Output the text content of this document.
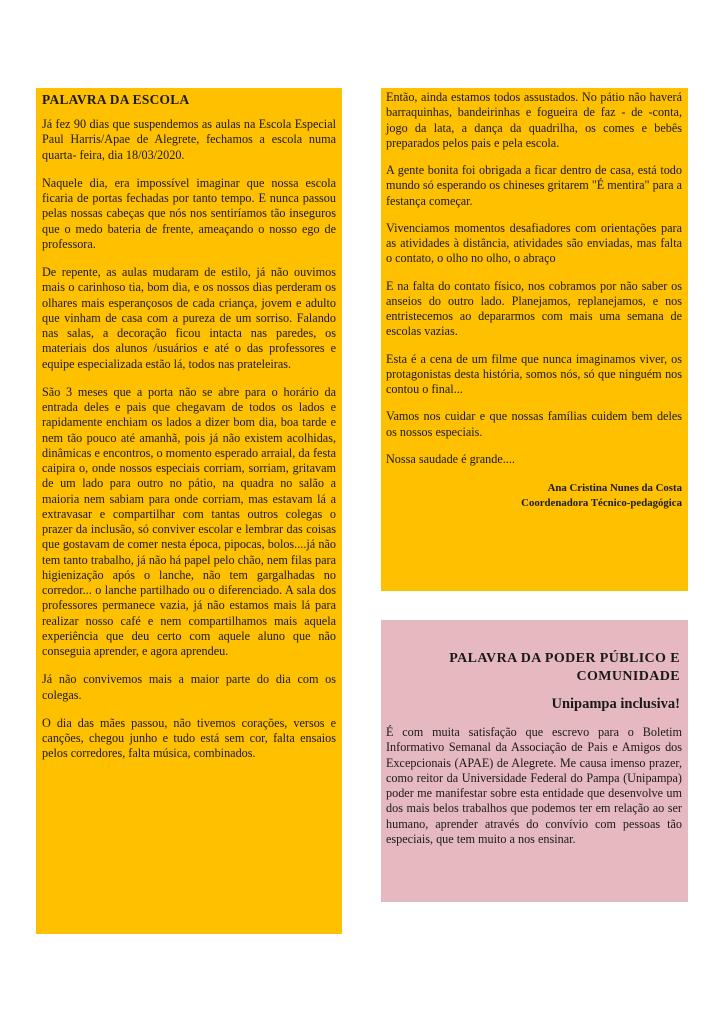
PALAVRA DA ESCOLA

Já fez 90 dias que suspendemos as aulas na Escola Especial Paul Harris/Apae de Alegrete, fechamos a escola numa quarta- feira, dia 18/03/2020.

Naquele dia, era impossível imaginar que nossa escola ficaria de portas fechadas por tanto tempo. E nunca passou pelas nossas cabeças que nós nos sentiríamos tão inseguros que o medo bateria de frente, ameaçando o nosso ego de professora.

De repente, as aulas mudaram de estilo, já não ouvimos mais o carinhoso tia, bom dia, e os nossos dias perderam os olhares mais esperançosos de cada criança, jovem e adulto que vinham de casa com a pureza de um sorriso. Falando nas salas, a decoração ficou intacta nas paredes, os materiais dos alunos /usuários e até o das professores e equipe especializada estão lá, todos nas prateleiras.

São 3 meses que a porta não se abre para o horário da entrada deles e pais que chegavam de todos os lados e rapidamente enchiam os lados a dizer bom dia, boa tarde e nem tão pouco até amanhã, pois já não existem acolhidas, dinâmicas e encontros, o momento esperado arraial, da festa caipira o, onde nossos especiais corriam, sorriam, gritavam de um lado para outro no pátio, na quadra no salão a maioria nem sabiam para onde corriam, mas estavam lá a extravasar e compartilhar com tantas outros colegas o prazer da inclusão, só conviver escolar e lembrar das coisas que gostavam de comer nesta época, pipocas, bolos....já não tem tanto trabalho, já não há papel pelo chão, nem filas para higienização após o lanche, não tem gargalhadas no corredor... o lanche partilhado ou o diferenciado. A sala dos professores permanece vazia, já não estamos mais lá para realizar nosso café e nem compartilhamos mais aquela experiência que deu certo com aquele aluno que não conseguia aprender, e agora aprendeu.

Já não convivemos mais a maior parte do dia com os colegas.

O dia das mães passou, não tivemos corações, versos e canções, chegou junho e tudo está sem cor, falta ensaios pelos corredores, falta música, combinados.

Então, ainda estamos todos assustados. No pátio não haverá barraquinhas, bandeirinhas e fogueira de faz - de -conta, jogo da lata, a dança da quadrilha, os comes e bebês preparados pelos pais e pela escola.

A gente bonita foi obrigada a ficar dentro de casa, está todo mundo só esperando os chineses gritarem "É mentira" para a festança começar.

Vivenciamos momentos desafiadores com orientações para as atividades à distância, atividades são enviadas, mas falta o contato, o olho no olho, o abraço

E na falta do contato físico, nos cobramos por não saber os anseios do outro lado. Planejamos, replanejamos, e nos entristecemos ao depararmos com mais uma semana de escolas vazias.

Esta é a cena de um filme que nunca imaginamos viver, os protagonistas desta história, somos nós, só que ninguém nos contou o final...

Vamos nos cuidar e que nossas famílias cuidem bem deles os nossos especiais.

Nossa saudade é grande....

Ana Cristina Nunes da Costa
Coordenadora Técnico-pedagógica
PALAVRA DA PODER PÚBLICO E
COMUNIDADE
Unipampa inclusiva!

É com muita satisfação que escrevo para o Boletim Informativo Semanal da Associação de Pais e Amigos dos Excepcionais (APAE) de Alegrete. Me causa imenso prazer, como reitor da Universidade Federal do Pampa (Unipampa) poder me manifestar sobre esta entidade que desenvolve um dos mais belos trabalhos que podemos ter em relação ao ser humano, aprender através do convívio com pessoas tão especiais, que tem muito a nos ensinar.
